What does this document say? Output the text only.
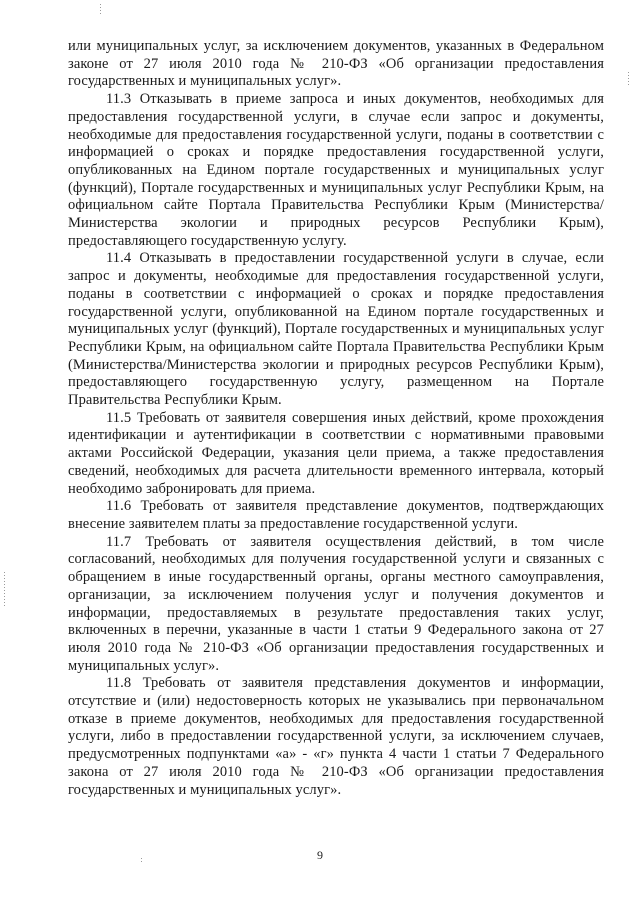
или муниципальных услуг, за исключением документов, указанных в Федеральном законе от 27 июля 2010 года № 210-ФЗ «Об организации предоставления государственных и муниципальных услуг».

11.3 Отказывать в приеме запроса и иных документов, необходимых для предоставления государственной услуги, в случае если запрос и документы, необходимые для предоставления государственной услуги, поданы в соответствии с информацией о сроках и порядке предоставления государственной услуги, опубликованных на Едином портале государственных и муниципальных услуг (функций), Портале государственных и муниципальных услуг Республики Крым, на официальном сайте Портала Правительства Республики Крым (Министерства/Министерства экологии и природных ресурсов Республики Крым), предоставляющего государственную услугу.

11.4 Отказывать в предоставлении государственной услуги в случае, если запрос и документы, необходимые для предоставления государственной услуги, поданы в соответствии с информацией о сроках и порядке предоставления государственной услуги, опубликованной на Едином портале государственных и муниципальных услуг (функций), Портале государственных и муниципальных услуг Республики Крым, на официальном сайте Портала Правительства Республики Крым (Министерства/Министерства экологии и природных ресурсов Республики Крым), предоставляющего государственную услугу, размещенном на Портале Правительства Республики Крым.

11.5 Требовать от заявителя совершения иных действий, кроме прохождения идентификации и аутентификации в соответствии с нормативными правовыми актами Российской Федерации, указания цели приема, а также предоставления сведений, необходимых для расчета длительности временного интервала, который необходимо забронировать для приема.

11.6 Требовать от заявителя представление документов, подтверждающих внесение заявителем платы за предоставление государственной услуги.

11.7 Требовать от заявителя осуществления действий, в том числе согласований, необходимых для получения государственной услуги и связанных с обращением в иные государственный органы, органы местного самоуправления, организации, за исключением получения услуг и получения документов и информации, предоставляемых в результате предоставления таких услуг, включенных в перечни, указанные в части 1 статьи 9 Федерального закона от 27 июля 2010 года № 210-ФЗ «Об организации предоставления государственных и муниципальных услуг».

11.8 Требовать от заявителя представления документов и информации, отсутствие и (или) недостоверность которых не указывались при первоначальном отказе в приеме документов, необходимых для предоставления государственной услуги, либо в предоставлении государственной услуги, за исключением случаев, предусмотренных подпунктами «а» - «г» пункта 4 части 1 статьи 7 Федерального закона от 27 июля 2010 года № 210-ФЗ «Об организации предоставления государственных и муниципальных услуг».

9
